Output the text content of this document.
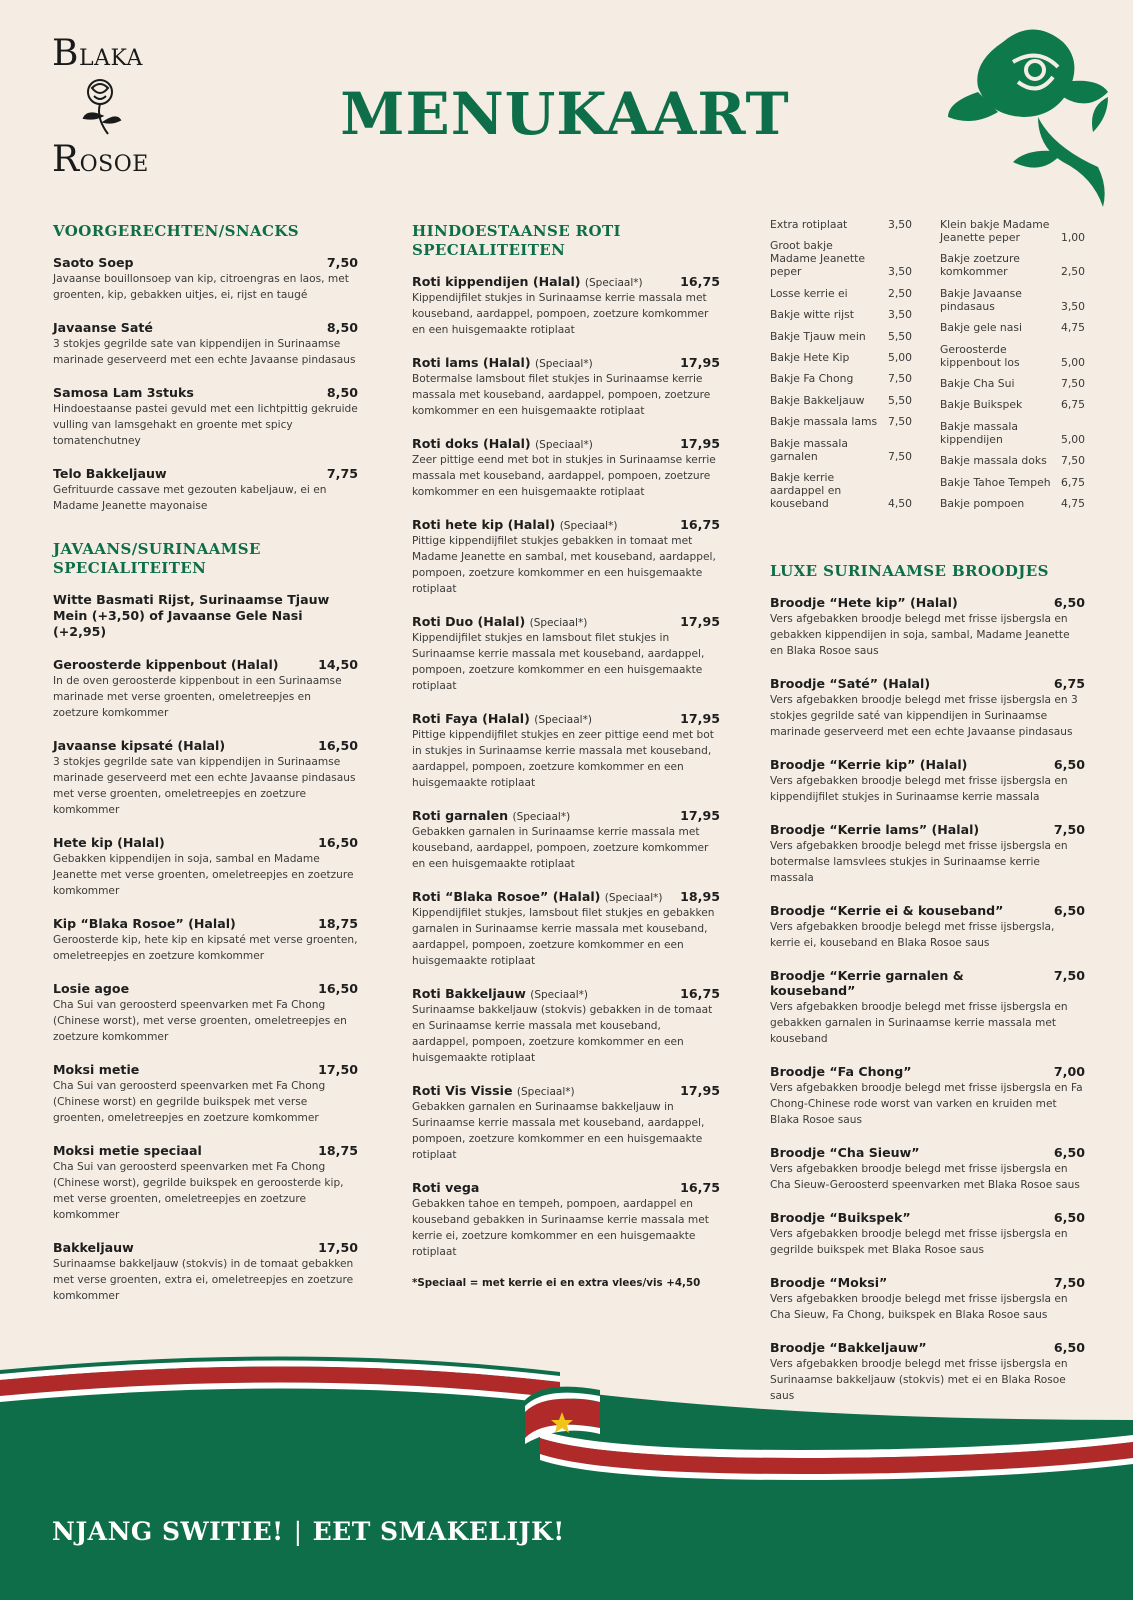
BLAKA
ROSOE
MENUKAART
VOORGERECHTEN/SNACKS
Saoto Soep	7,50
Javaanse bouillonsoep van kip, citroengras en laos, met groenten, kip, gebakken uitjes, ei, rijst en taugé
Javaanse Saté	8,50
3 stokjes gegrilde sate van kippendijen in Surinaamse marinade geserveerd met een echte Javaanse pindasaus
Samosa Lam 3stuks	8,50
Hindoestaanse pastei gevuld met een lichtpittig gekruide vulling van lamsgehakt en groente met spicy tomatenchutney
Telo Bakkeljauw	7,75
Gefrituurde cassave met gezouten kabeljauw, ei en Madame Jeanette mayonaise
JAVAANS/SURINAAMSE
SPECIALITEITEN
Witte Basmati Rijst, Surinaamse Tjauw Mein (+3,50) of Javaanse Gele Nasi (+2,95)
Geroosterde kippenbout (Halal)	14,50
In de oven geroosterde kippenbout in een Surinaamse marinade met verse groenten, omeletreepjes en zoetzure komkommer
Javaanse kipsaté (Halal)	16,50
3 stokjes gegrilde sate van kippendijen in Surinaamse marinade geserveerd met een echte Javaanse pindasaus met verse groenten, omeletreepjes en zoetzure komkommer
Hete kip (Halal)	16,50
Gebakken kippendijen in soja, sambal en Madame Jeanette met verse groenten, omeletreepjes en zoetzure komkommer
Kip “Blaka Rosoe” (Halal)	18,75
Geroosterde kip, hete kip en kipsaté met verse groenten, omeletreepjes en zoetzure komkommer
Losie agoe	16,50
Cha Sui van geroosterd speenvarken met Fa Chong (Chinese worst), met verse groenten, omeletreepjes en zoetzure komkommer
Moksi metie	17,50
Cha Sui van geroosterd speenvarken met Fa Chong (Chinese worst) en gegrilde buikspek met verse groenten, omeletreepjes en zoetzure komkommer
Moksi metie speciaal	18,75
Cha Sui van geroosterd speenvarken met Fa Chong (Chinese worst), gegrilde buikspek en geroosterde kip, met verse groenten, omeletreepjes en zoetzure komkommer
Bakkeljauw	17,50
Surinaamse bakkeljauw (stokvis) in de tomaat gebakken met verse groenten, extra ei, omeletreepjes en zoetzure komkommer
HINDOESTAANSE ROTI
SPECIALITEITEN
Roti kippendijen (Halal) (Speciaal*)	16,75
Kippendijfilet stukjes in Surinaamse kerrie massala met kouseband, aardappel, pompoen, zoetzure komkommer en een huisgemaakte rotiplaat
Roti lams (Halal) (Speciaal*)	17,95
Botermalse lamsbout filet stukjes in Surinaamse kerrie massala met kouseband, aardappel, pompoen, zoetzure komkommer en een huisgemaakte rotiplaat
Roti doks (Halal) (Speciaal*)	17,95
Zeer pittige eend met bot in stukjes in Surinaamse kerrie massala met kouseband, aardappel, pompoen, zoetzure komkommer en een huisgemaakte rotiplaat
Roti hete kip (Halal) (Speciaal*)	16,75
Pittige kippendijfilet stukjes gebakken in tomaat met Madame Jeanette en sambal, met kouseband, aardappel, pompoen, zoetzure komkommer en een huisgemaakte rotiplaat
Roti Duo (Halal) (Speciaal*)	17,95
Kippendijfilet stukjes en lamsbout filet stukjes in Surinaamse kerrie massala met kouseband, aardappel, pompoen, zoetzure komkommer en een huisgemaakte rotiplaat
Roti Faya (Halal) (Speciaal*)	17,95
Pittige kippendijfilet stukjes en zeer pittige eend met bot in stukjes in Surinaamse kerrie massala met kouseband, aardappel, pompoen, zoetzure komkommer en een huisgemaakte rotiplaat
Roti garnalen (Speciaal*)	17,95
Gebakken garnalen in Surinaamse kerrie massala met kouseband, aardappel, pompoen, zoetzure komkommer en een huisgemaakte rotiplaat
Roti “Blaka Rosoe” (Halal) (Speciaal*) 18,95
Kippendijfilet stukjes, lamsbout filet stukjes en gebakken garnalen in Surinaamse kerrie massala met kouseband, aardappel, pompoen, zoetzure komkommer en een huisgemaakte rotiplaat
Roti Bakkeljauw (Speciaal*)	16,75
Surinaamse bakkeljauw (stokvis) gebakken in de tomaat en Surinaamse kerrie massala met kouseband, aardappel, pompoen, zoetzure komkommer en een huisgemaakte rotiplaat
Roti Vis Vissie (Speciaal*)	17,95
Gebakken garnalen en Surinaamse bakkeljauw in Surinaamse kerrie massala met kouseband, aardappel, pompoen, zoetzure komkommer en een huisgemaakte rotiplaat
Roti vega	16,75
Gebakken tahoe en tempeh, pompoen, aardappel en kouseband gebakken in Surinaamse kerrie massala met kerrie ei, zoetzure komkommer en een huisgemaakte rotiplaat
*Speciaal = met kerrie ei en extra vlees/vis +4,50
Extra rotiplaat	3,50
Groot bakje Madame Jeanette peper	3,50
Losse kerrie ei	2,50
Bakje witte rijst	3,50
Bakje Tjauw mein 5,50
Bakje Hete Kip	5,00
Bakje Fa Chong	7,50
Bakje Bakkeljauw 5,50
Bakje massala lams 7,50
Bakje massala garnalen	7,50
Bakje kerrie aardappel en kouseband	4,50
Klein bakje Madame Jeanette peper	1,00
Bakje zoetzure komkommer	2,50
Bakje Javaanse pindasaus	3,50
Bakje gele nasi	4,75
Geroosterde kippenbout los	5,00
Bakje Cha Sui	7,50
Bakje Buikspek	6,75
Bakje massala kippendijen	5,00
Bakje massala doks 7,50
Bakje Tahoe Tempeh 6,75
Bakje pompoen	4,75
LUXE SURINAAMSE BROODJES
Broodje “Hete kip” (Halal)	6,50
Vers afgebakken broodje belegd met frisse ijsbergsla en gebakken kippendijen in soja, sambal, Madame Jeanette en Blaka Rosoe saus
Broodje “Saté” (Halal)	6,75
Vers afgebakken broodje belegd met frisse ijsbergsla en 3 stokjes gegrilde saté van kippendijen in Surinaamse marinade geserveerd met een echte Javaanse pindasaus
Broodje “Kerrie kip” (Halal)	6,50
Vers afgebakken broodje belegd met frisse ijsbergsla en kippendijfilet stukjes in Surinaamse kerrie massala
Broodje “Kerrie lams” (Halal)	7,50
Vers afgebakken broodje belegd met frisse ijsbergsla en botermalse lamsvlees stukjes in Surinaamse kerrie massala
Broodje “Kerrie ei & kouseband”	6,50
Vers afgebakken broodje belegd met frisse ijsbergsla, kerrie ei, kouseband en Blaka Rosoe saus
Broodje “Kerrie garnalen & kouseband”
7,50
Vers afgebakken broodje belegd met frisse ijsbergsla en gebakken garnalen in Surinaamse kerrie massala met kouseband
Broodje “Fa Chong”	7,00
Vers afgebakken broodje belegd met frisse ijsbergsla en Fa Chong-Chinese rode worst van varken en kruiden met Blaka Rosoe saus
Broodje “Cha Sieuw”	6,50
Vers afgebakken broodje belegd met frisse ijsbergsla en Cha Sieuw-Geroosterd speenvarken met Blaka Rosoe saus
Broodje “Buikspek”	6,50
Vers afgebakken broodje belegd met frisse ijsbergsla en gegrilde buikspek met Blaka Rosoe saus
Broodje “Moksi”	7,50
Vers afgebakken broodje belegd met frisse ijsbergsla en Cha Sieuw, Fa Chong, buikspek en Blaka Rosoe saus
Broodje “Bakkeljauw”	6,50
Vers afgebakken broodje belegd met frisse ijsbergsla en Surinaamse bakkeljauw (stokvis) met ei en Blaka Rosoe saus
NJANG SWITIE! | EET SMAKELIJK!
